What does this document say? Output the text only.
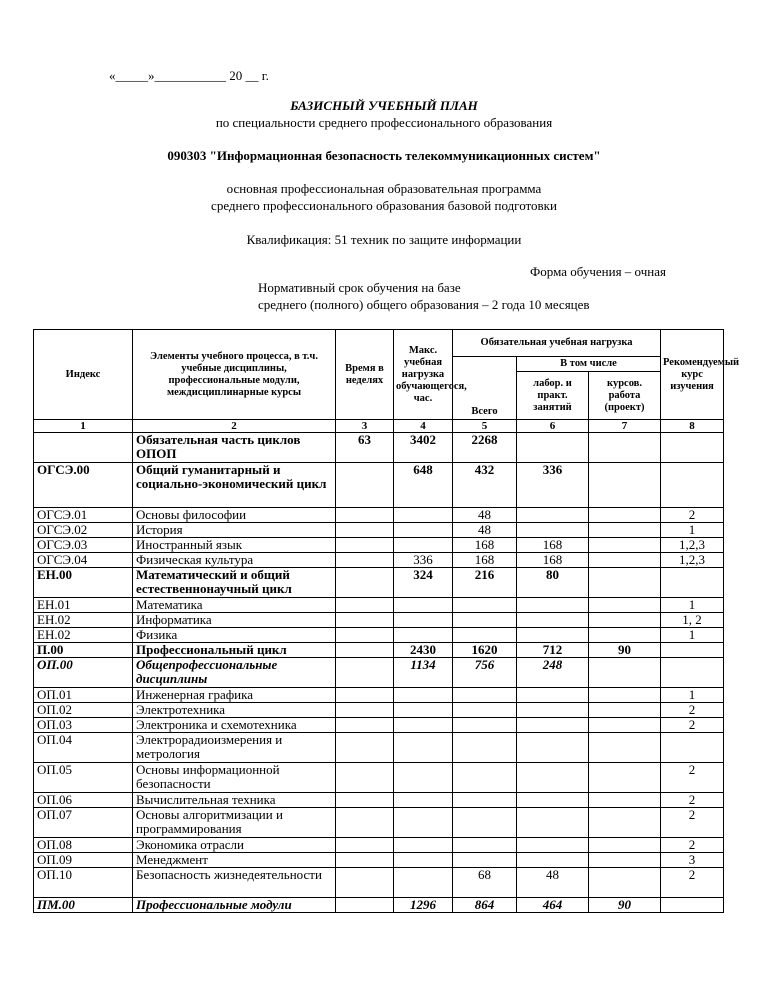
«_____»___________ 20 __ г.
БАЗИСНЫЙ УЧЕБНЫЙ ПЛАН
по специальности среднего профессионального образования
090303 "Информационная безопасность телекоммуникационных систем"
основная профессиональная образовательная программа
среднего профессионального образования базовой подготовки
Квалификация: 51 техник по защите информации
Форма обучения – очная
Нормативный срок обучения на базе
среднего (полного) общего образования – 2 года 10 месяцев
Индекс	Элементы учебного процесса, в т.ч. учебные дисциплины, профессиональные модули, междисциплинарные курсы	Время в неделях	Макс. учебная нагрузка обучающегося, час.	Обязательная учебная нагрузка			Рекомендуемый курс изучения
				Всего	В том числе		
					лабор. и практ. занятий	курсов. работа (проект)	
1	2	3	4	5	6	7	8
	Обязательная часть циклов ОПОП	63	3402	2268			
ОГСЭ.00	Общий гуманитарный и социально-экономический цикл		648	432	336		
ОГСЭ.01	Основы философии			48			2
ОГСЭ.02	История			48			1
ОГСЭ.03	Иностранный язык			168	168		1,2,3
ОГСЭ.04	Физическая культура		336	168	168		1,2,3
ЕН.00	Математический и общий естественнонаучный цикл		324	216	80		
ЕН.01	Математика						1
ЕН.02	Информатика						1, 2
ЕН.02	Физика						1
П.00	Профессиональный цикл		2430	1620	712	90	
ОП.00	Общепрофессиональные дисциплины		1134	756	248		
ОП.01	Инженерная графика						1
ОП.02	Электротехника						2
ОП.03	Электроника и схемотехника						2
ОП.04	Электрорадиоизмерения и метрология						
ОП.05	Основы информационной безопасности						2
ОП.06	Вычислительная техника						2
ОП.07	Основы алгоритмизации и программирования						2
ОП.08	Экономика отрасли						2
ОП.09	Менеджмент						3
ОП.10	Безопасность жизнедеятельности			68	48		2
ПМ.00	Профессиональные модули		1296	864	464	90	
